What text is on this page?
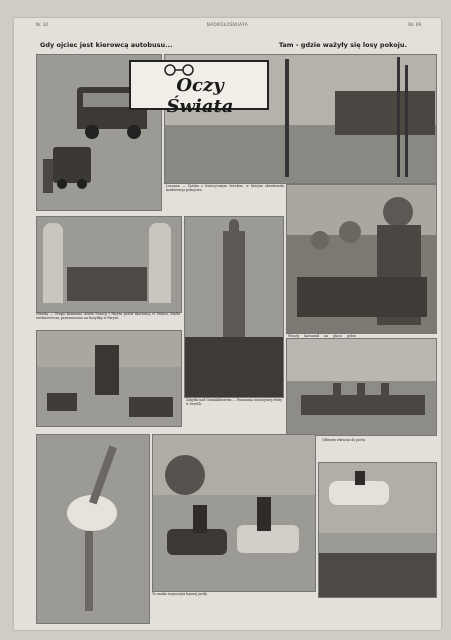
Nr. 34	NAOKOŁOŚWIATA	Str. 69
Gdy ojciec jest kierowcą autobusu...	Tam - gdzie ważyły się losy pokoju.
Oczy Świata
Lozanna — Zatoka z historycznym hotelem, w którym obradowała konferencja pokojowa.
Wesoły karnawał na placu pełen
Vézelay — Grupa kamienna dzieła Francji i Paryża przed skarbnicą w Paryżu, dzieła średniowiecza, przeznaczona na bazylikę w Paryżu.
Zabytki nad Gwadalkiwirem — Panorama starożytnej wieży w Sewilli.
Olbrzym wkracza do portu.
To nauka rozpoczęta konnej jazdy...
